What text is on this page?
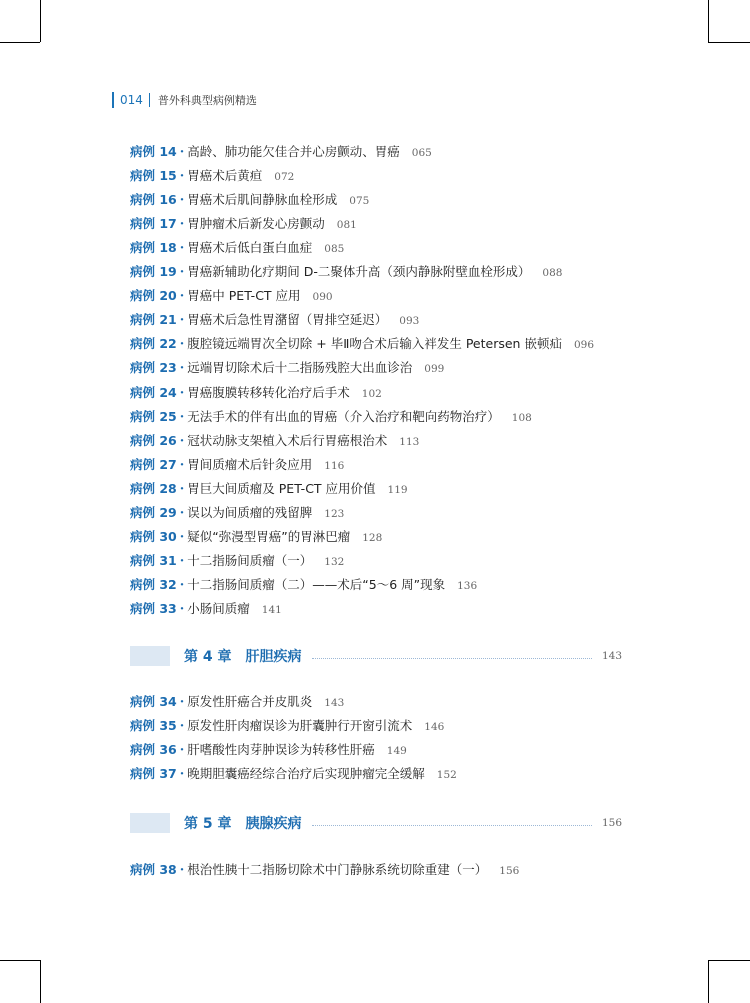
014 普外科典型病例精选
病例 14 · 高龄、肺功能欠佳合并心房颤动、胃癌 065
病例 15 · 胃癌术后黄疸 072
病例 16 · 胃癌术后肌间静脉血栓形成 075
病例 17 · 胃肿瘤术后新发心房颤动 081
病例 18 · 胃癌术后低白蛋白血症 085
病例 19 · 胃癌新辅助化疗期间 D-二聚体升高（颈内静脉附壁血栓形成） 088
病例 20 · 胃癌中 PET-CT 应用 090
病例 21 · 胃癌术后急性胃潴留（胃排空延迟） 093
病例 22 · 腹腔镜远端胃次全切除 + 毕Ⅱ吻合术后输入袢发生 Petersen 嵌顿疝 096
病例 23 · 远端胃切除术后十二指肠残腔大出血诊治 099
病例 24 · 胃癌腹膜转移转化治疗后手术 102
病例 25 · 无法手术的伴有出血的胃癌（介入治疗和靶向药物治疗） 108
病例 26 · 冠状动脉支架植入术后行胃癌根治术 113
病例 27 · 胃间质瘤术后针灸应用 116
病例 28 · 胃巨大间质瘤及 PET-CT 应用价值 119
病例 29 · 误以为间质瘤的残留脾 123
病例 30 · 疑似“弥漫型胃癌”的胃淋巴瘤 128
病例 31 · 十二指肠间质瘤（一） 132
病例 32 · 十二指肠间质瘤（二）——术后“5～6 周”现象 136
病例 33 · 小肠间质瘤 141
第 4 章 肝胆疾病	143
病例 34 · 原发性肝癌合并皮肌炎 143
病例 35 · 原发性肝肉瘤误诊为肝囊肿行开窗引流术 146
病例 36 · 肝嗜酸性肉芽肿误诊为转移性肝癌 149
病例 37 · 晚期胆囊癌经综合治疗后实现肿瘤完全缓解 152
第 5 章 胰腺疾病	156
病例 38 · 根治性胰十二指肠切除术中门静脉系统切除重建（一） 156
